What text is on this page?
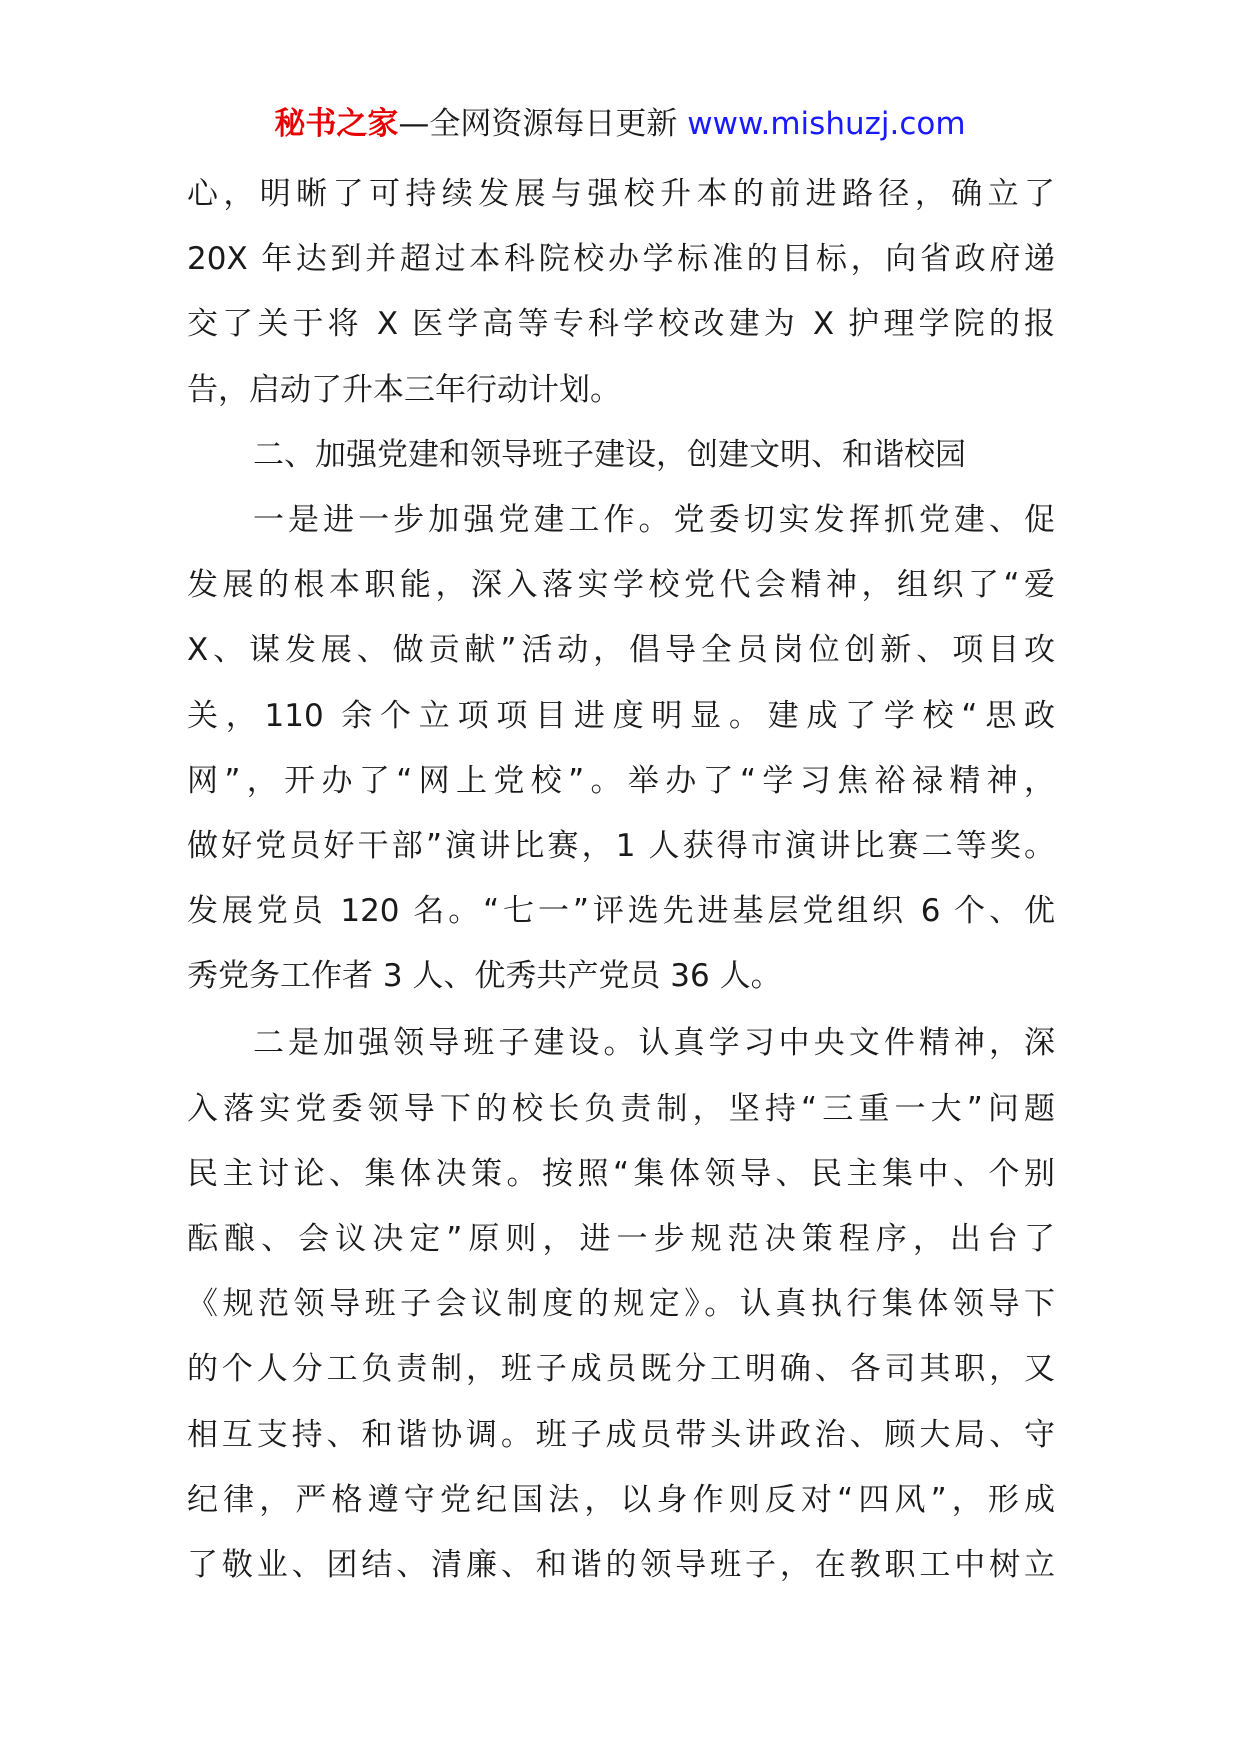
秘书之家—全网资源每日更新 www.mishuzj.com
心，明晰了可持续发展与强校升本的前进路径，确立了
20X 年达到并超过本科院校办学标准的目标，向省政府递
交了关于将 X 医学高等专科学校改建为 X 护理学院的报
告，启动了升本三年行动计划。
二、加强党建和领导班子建设，创建文明、和谐校园
一是进一步加强党建工作。党委切实发挥抓党建、促
发展的根本职能，深入落实学校党代会精神，组织了“爱
X、谋发展、做贡献”活动，倡导全员岗位创新、项目攻
关，110 余个立项项目进度明显。建成了学校“思政
网”，开办了“网上党校”。举办了“学习焦裕禄精神，
做好党员好干部”演讲比赛，1 人获得市演讲比赛二等奖。
发展党员 120 名。“七一”评选先进基层党组织 6 个、优
秀党务工作者 3 人、优秀共产党员 36 人。
二是加强领导班子建设。认真学习中央文件精神，深
入落实党委领导下的校长负责制，坚持“三重一大”问题
民主讨论、集体决策。按照“集体领导、民主集中、个别
酝酿、会议决定”原则，进一步规范决策程序，出台了
《规范领导班子会议制度的规定》。认真执行集体领导下
的个人分工负责制，班子成员既分工明确、各司其职，又
相互支持、和谐协调。班子成员带头讲政治、顾大局、守
纪律，严格遵守党纪国法，以身作则反对“四风”，形成
了敬业、团结、清廉、和谐的领导班子，在教职工中树立
